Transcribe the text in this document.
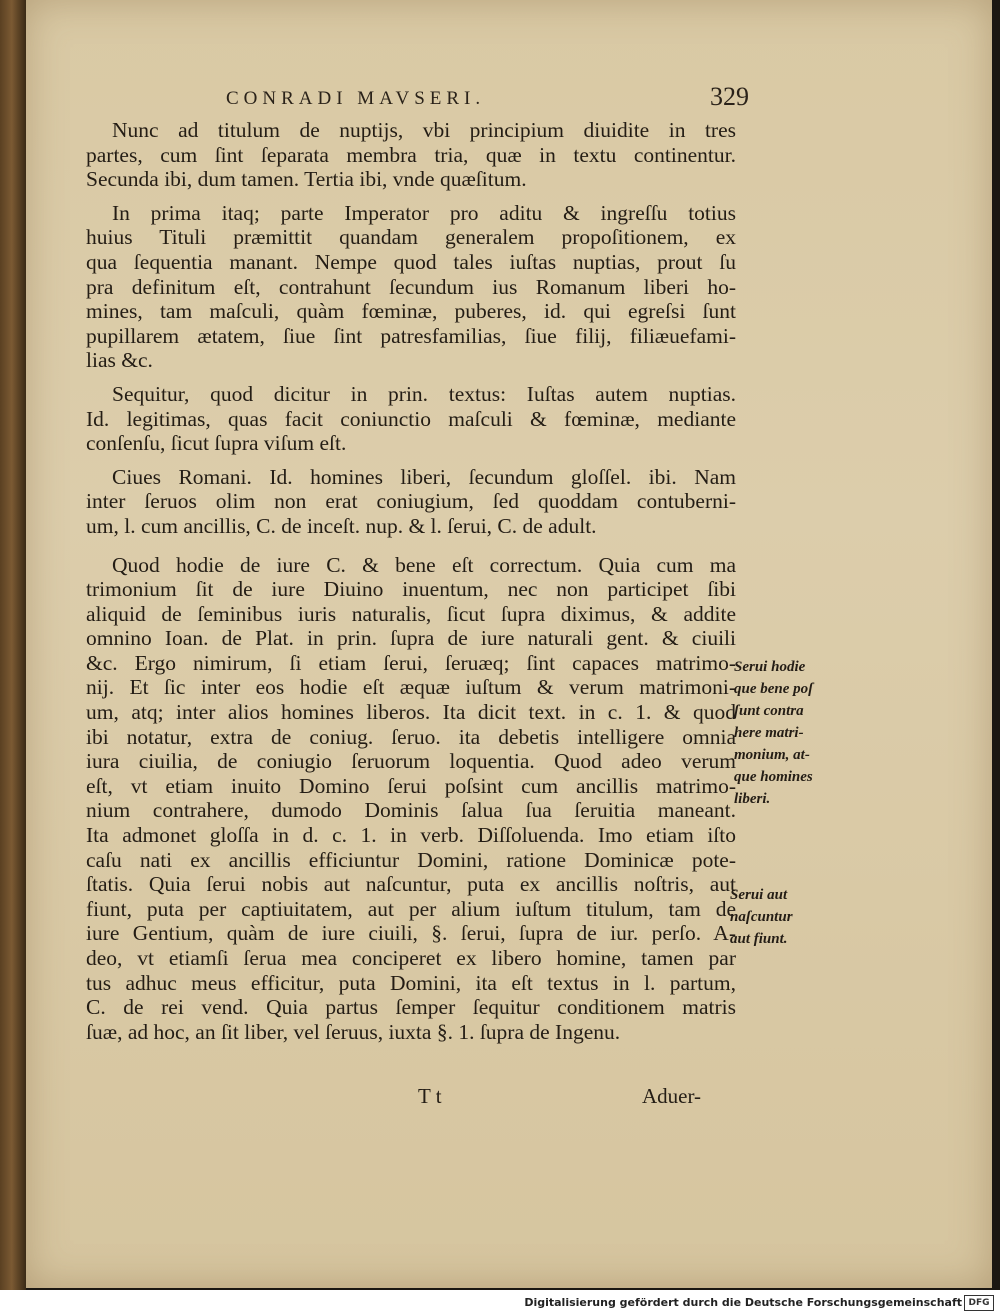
CONRADI MAVSERI.	329
Nunc ad titulum de nuptijs, vbi principium diuidite in tres
partes, cum ſint ſeparata membra tria, quæ in textu continentur.
Secunda ibi, dum tamen. Tertia ibi, vnde quæſitum.
In prima itaq; parte Imperator pro aditu & ingreſſu totius
huius Tituli præmittit quandam generalem propoſitionem, ex
qua ſequentia manant. Nempe quod tales iuſtas nuptias, prout ſu
pra definitum eſt, contrahunt ſecundum ius Romanum liberi ho-
mines, tam maſculi, quàm fœminæ, puberes, id. qui egreſsi ſunt
pupillarem ætatem, ſiue ſint patresfamilias, ſiue filij, filiæuefami-
lias &c.
Sequitur, quod dicitur in prin. textus: Iuſtas autem nuptias.
Id. legitimas, quas facit coniunctio maſculi & fœminæ, mediante
conſenſu, ſicut ſupra viſum eſt.
Ciues Romani. Id. homines liberi, ſecundum gloſſel. ibi. Nam
inter ſeruos olim non erat coniugium, ſed quoddam contuberni-
um, l. cum ancillis, C. de inceſt. nup. & l. ſerui, C. de adult.
Quod hodie de iure C. & bene eſt correctum. Quia cum ma
trimonium ſit de iure Diuino inuentum, nec non participet ſibi
aliquid de ſeminibus iuris naturalis, ſicut ſupra diximus, & addite
omnino Ioan. de Plat. in prin. ſupra de iure naturali gent. & ciuili
&c. Ergo nimirum, ſi etiam ſerui, ſeruæq; ſint capaces matrimo-
nij. Et ſic inter eos hodie eſt æquæ iuſtum & verum matrimoni-
um, atq; inter alios homines liberos. Ita dicit text. in c. 1. & quod
ibi notatur, extra de coniug. ſeruo. ita debetis intelligere omnia
iura ciuilia, de coniugio ſeruorum loquentia. Quod adeo verum
eſt, vt etiam inuito Domino ſerui poſsint cum ancillis matrimo-
nium contrahere, dumodo Dominis ſalua ſua ſeruitia maneant.
Ita admonet gloſſa in d. c. 1. in verb. Diſſoluenda. Imo etiam iſto
caſu nati ex ancillis efficiuntur Domini, ratione Dominicæ pote-
ſtatis. Quia ſerui nobis aut naſcuntur, puta ex ancillis noſtris, aut
fiunt, puta per captiuitatem, aut per alium iuſtum titulum, tam de
iure Gentium, quàm de iure ciuili, §. ſerui, ſupra de iur. perſo. A-
deo, vt etiamſi ſerua mea conciperet ex libero homine, tamen par
tus adhuc meus efficitur, puta Domini, ita eſt textus in l. partum,
C. de rei vend. Quia partus ſemper ſequitur conditionem matris
ſuæ, ad hoc, an ſit liber, vel ſeruus, iuxta §. 1. ſupra de Ingenu.
Serui hodie
que bene poſ
ſunt contra
here matri-
monium, at-
que homines
liberi.
Serui aut
naſcuntur
aut fiunt.
T t	Aduer-
Digitalisierung gefördert durch die Deutsche Forschungsgemeinschaft DFG
